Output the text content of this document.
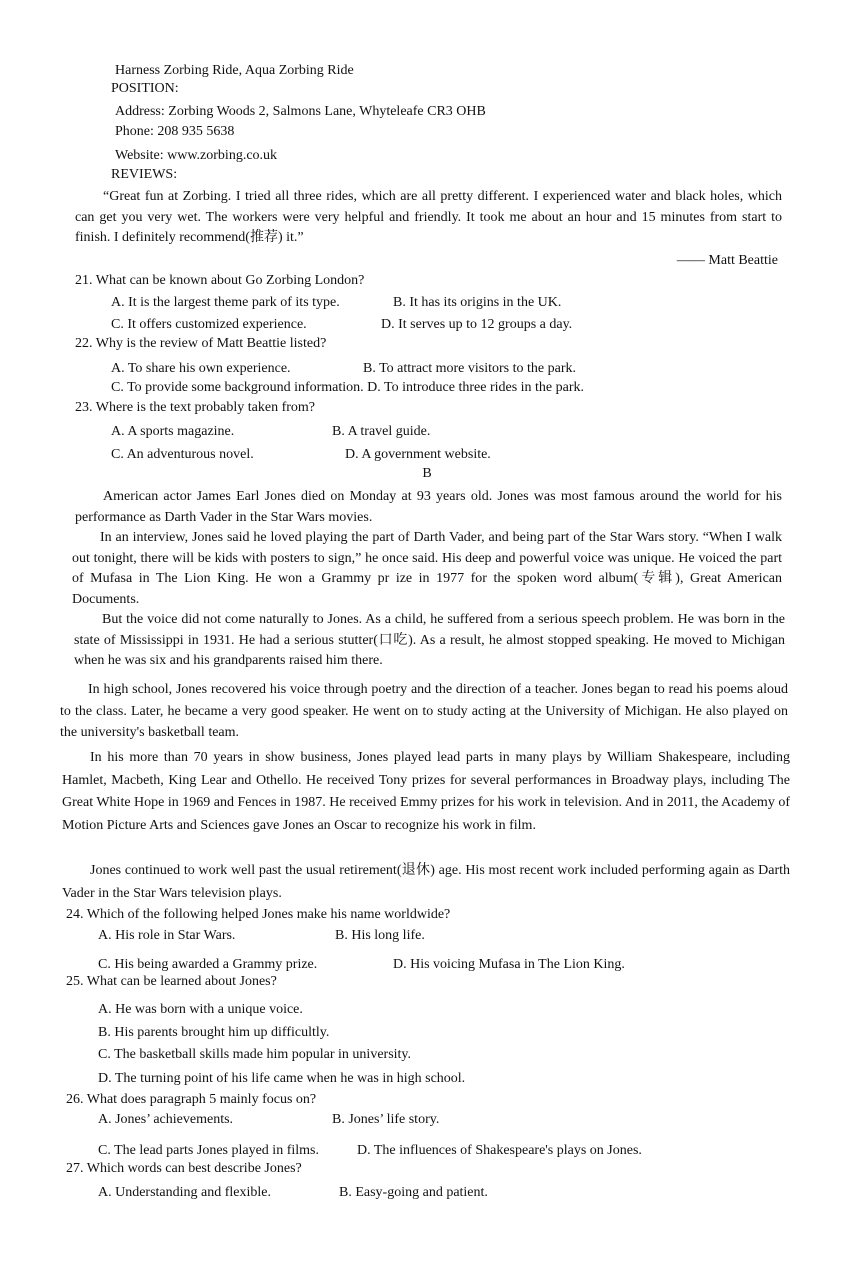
Harness Zorbing Ride, Aqua Zorbing Ride
POSITION:
Address: Zorbing Woods 2, Salmons Lane, Whyteleafe CR3 OHB
Phone: 208 935 5638
Website: www.zorbing.co.uk
REVIEWS:
“Great fun at Zorbing. I tried all three rides, which are all pretty different. I experienced water and black holes, which can get you very wet. The workers were very helpful and friendly. It took me about an hour and 15 minutes from start to finish. I definitely recommend(推荐) it.”
—— Matt Beattie
21. What can be known about Go Zorbing London?
A. It is the largest theme park of its type.	B. It has its origins in the UK.
C. It offers customized experience.	D. It serves up to 12 groups a day.
22. Why is the review of Matt Beattie listed?
A. To share his own experience.	B. To attract more visitors to the park.
C. To provide some background information. D. To introduce three rides in the park.
23. Where is the text probably taken from?
A. A sports magazine.	B. A travel guide.
C. An adventurous novel.	D. A government website.
B
American actor James Earl Jones died on Monday at 93 years old. Jones was most famous around the world for his performance as Darth Vader in the Star Wars movies.
In an interview, Jones said he loved playing the part of Darth Vader, and being part of the Star Wars story. “When I walk out tonight, there will be kids with posters to sign,” he once said. His deep and powerful voice was unique. He voiced the part of Mufasa in The Lion King. He won a Grammy pr ize in 1977 for the spoken word album(专辑), Great American Documents.
But the voice did not come naturally to Jones. As a child, he suffered from a serious speech problem. He was born in the state of Mississippi in 1931. He had a serious stutter(口吃). As a result, he almost stopped speaking. He moved to Michigan when he was six and his grandparents raised him there.
In high school, Jones recovered his voice through poetry and the direction of a teacher. Jones began to read his poems aloud to the class. Later, he became a very good speaker. He went on to study acting at the University of Michigan. He also played on the university's basketball team.
In his more than 70 years in show business, Jones played lead parts in many plays by William Shakespeare, including Hamlet, Macbeth, King Lear and Othello. He received Tony prizes for several performances in Broadway plays, including The Great White Hope in 1969 and Fences in 1987. He received Emmy prizes for his work in television. And in 2011, the Academy of Motion Picture Arts and Sciences gave Jones an Oscar to recognize his work in film.
Jones continued to work well past the usual retirement(退休) age. His most recent work included performing again as Darth Vader in the Star Wars television plays.
24. Which of the following helped Jones make his name worldwide?
A. His role in Star Wars.	B. His long life.
C. His being awarded a Grammy prize.	D. His voicing Mufasa in The Lion King.
25. What can be learned about Jones?
A. He was born with a unique voice.
B. His parents brought him up difficultly.
C. The basketball skills made him popular in university.
D. The turning point of his life came when he was in high school.
26. What does paragraph 5 mainly focus on?
A. Jones’ achievements.	B. Jones’ life story.
C. The lead parts Jones played in films.	D. The influences of Shakespeare's plays on Jones.
27. Which words can best describe Jones?
A. Understanding and flexible.	B. Easy-going and patient.
